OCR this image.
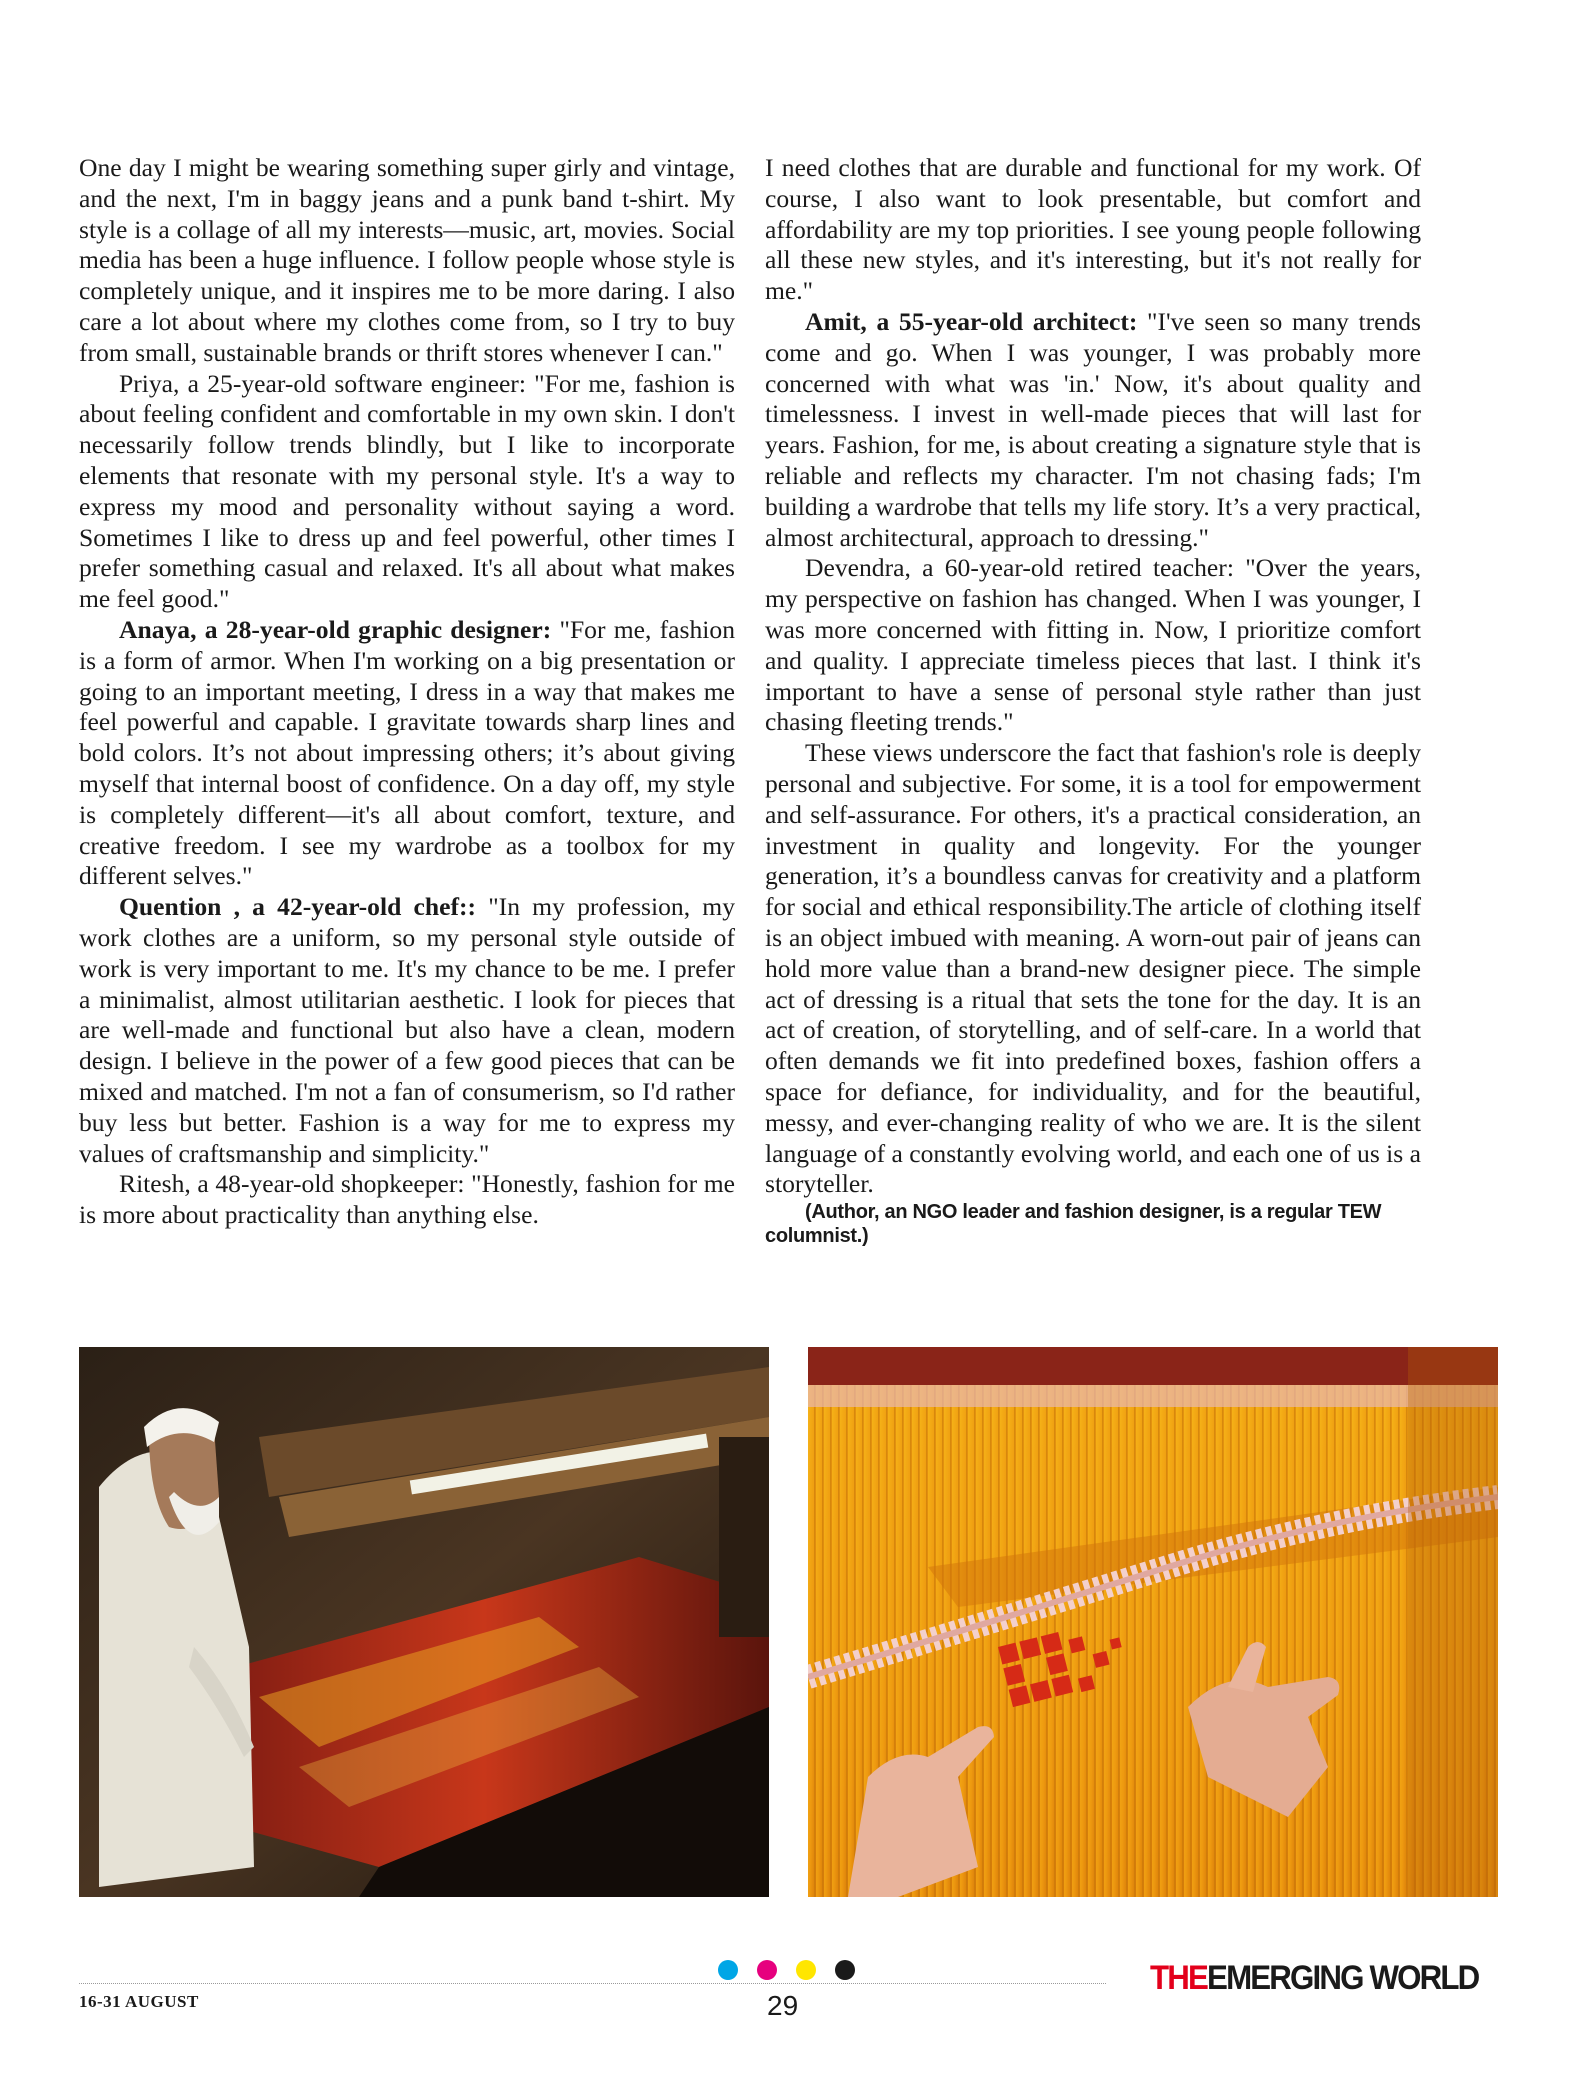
One day I might be wearing something super girly and vintage, and the next, I'm in baggy jeans and a punk band t-shirt. My style is a collage of all my interests—music, art, movies. Social media has been a huge influence. I follow people whose style is completely unique, and it inspires me to be more daring. I also care a lot about where my clothes come from, so I try to buy from small, sustainable brands or thrift stores whenever I can."

Priya, a 25-year-old software engineer: "For me, fashion is about feeling confident and comfortable in my own skin. I don't necessarily follow trends blindly, but I like to incorporate elements that resonate with my personal style. It's a way to express my mood and personality without saying a word. Sometimes I like to dress up and feel powerful, other times I prefer something casual and relaxed. It's all about what makes me feel good."

Anaya, a 28-year-old graphic designer: "For me, fashion is a form of armor. When I'm working on a big presentation or going to an important meeting, I dress in a way that makes me feel powerful and capable. I gravitate towards sharp lines and bold colors. It’s not about impressing others; it’s about giving myself that internal boost of confidence. On a day off, my style is completely different—it's all about comfort, texture, and creative freedom. I see my wardrobe as a toolbox for my different selves."

Quention , a 42-year-old chef:: "In my profession, my work clothes are a uniform, so my personal style outside of work is very important to me. It's my chance to be me. I prefer a minimalist, almost utilitarian aesthetic. I look for pieces that are well-made and functional but also have a clean, modern design. I believe in the power of a few good pieces that can be mixed and matched. I'm not a fan of consumerism, so I'd rather buy less but better. Fashion is a way for me to express my values of craftsmanship and simplicity."

Ritesh, a 48-year-old shopkeeper: "Honestly, fashion for me is more about practicality than anything else.

I need clothes that are durable and functional for my work. Of course, I also want to look presentable, but comfort and affordability are my top priorities. I see young people following all these new styles, and it's interesting, but it's not really for me."

Amit, a 55-year-old architect: "I've seen so many trends come and go. When I was younger, I was probably more concerned with what was 'in.' Now, it's about quality and timelessness. I invest in well-made pieces that will last for years. Fashion, for me, is about creating a signature style that is reliable and reflects my character. I'm not chasing fads; I'm building a wardrobe that tells my life story. It’s a very practical, almost architectural, approach to dressing."

Devendra, a 60-year-old retired teacher: "Over the years, my perspective on fashion has changed. When I was younger, I was more concerned with fitting in. Now, I prioritize comfort and quality. I appreciate timeless pieces that last. I think it's important to have a sense of personal style rather than just chasing fleeting trends."

These views underscore the fact that fashion's role is deeply personal and subjective. For some, it is a tool for empowerment and self-assurance. For others, it's a practical consideration, an investment in quality and longevity. For the younger generation, it’s a boundless canvas for creativity and a platform for social and ethical responsibility.The article of clothing itself is an object imbued with meaning. A worn-out pair of jeans can hold more value than a brand-new designer piece. The simple act of dressing is a ritual that sets the tone for the day. It is an act of creation, of storytelling, and of self-care. In a world that often demands we fit into predefined boxes, fashion offers a space for defiance, for individuality, and for the beautiful, messy, and ever-changing reality of who we are. It is the silent language of a constantly evolving world, and each one of us is a storyteller.

(Author, an NGO leader and fashion designer, is a regular TEW columnist.)

16-31 AUGUST	29
THEEMERGING WORLD
